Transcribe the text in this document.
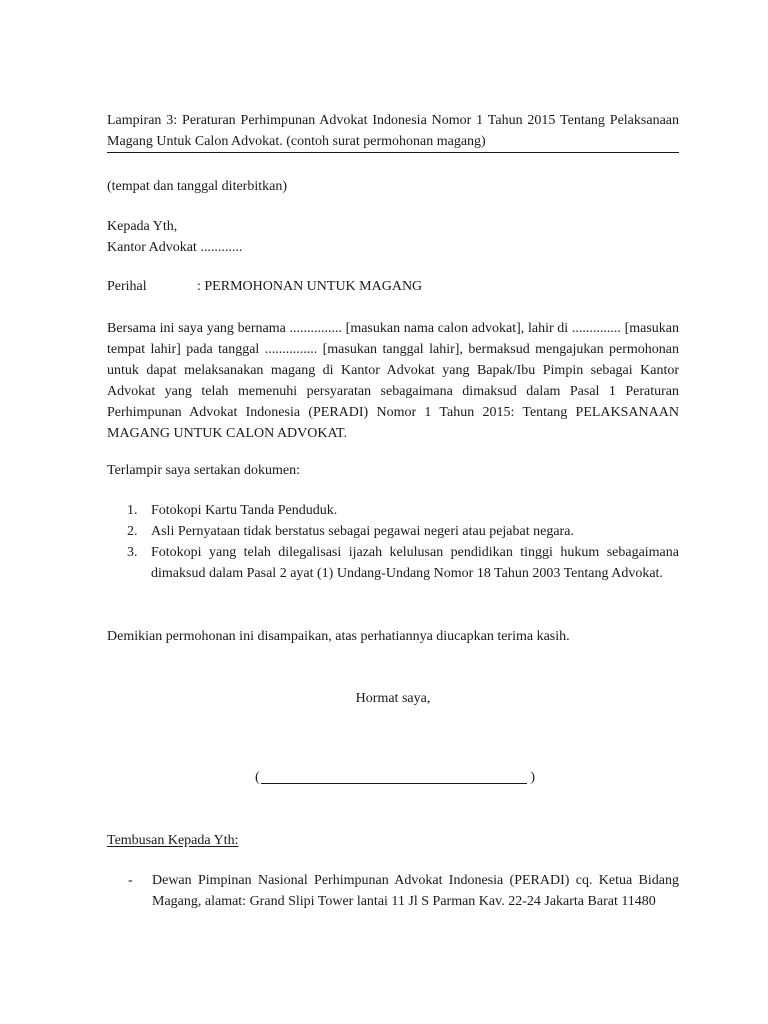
Lampiran 3: Peraturan Perhimpunan Advokat Indonesia Nomor 1 Tahun 2015 Tentang Pelaksanaan Magang Untuk Calon Advokat. (contoh surat permohonan magang)
(tempat dan tanggal diterbitkan)
Kepada Yth,
Kantor Advokat ............
Perihal	: PERMOHONAN UNTUK MAGANG
Bersama ini saya yang bernama ............... [masukan nama calon advokat], lahir di .............. [masukan tempat lahir] pada tanggal ............... [masukan tanggal lahir], bermaksud mengajukan permohonan untuk dapat melaksanakan magang di Kantor Advokat yang Bapak/Ibu Pimpin sebagai Kantor Advokat yang telah memenuhi persyaratan sebagaimana dimaksud dalam Pasal 1 Peraturan Perhimpunan Advokat Indonesia (PERADI) Nomor 1 Tahun 2015: Tentang PELAKSANAAN MAGANG UNTUK CALON ADVOKAT.
Terlampir saya sertakan dokumen:
1. Fotokopi Kartu Tanda Penduduk.
2. Asli Pernyataan tidak berstatus sebagai pegawai negeri atau pejabat negara.
3. Fotokopi yang telah dilegalisasi ijazah kelulusan pendidikan tinggi hukum sebagaimana dimaksud dalam Pasal 2 ayat (1) Undang-Undang Nomor 18 Tahun 2003 Tentang Advokat.
Demikian permohonan ini disampaikan, atas perhatiannya diucapkan terima kasih.
Hormat saya,
(	)
Tembusan Kepada Yth:
- Dewan Pimpinan Nasional Perhimpunan Advokat Indonesia (PERADI) cq. Ketua Bidang Magang, alamat: Grand Slipi Tower lantai 11 Jl S Parman Kav. 22-24 Jakarta Barat 11480
